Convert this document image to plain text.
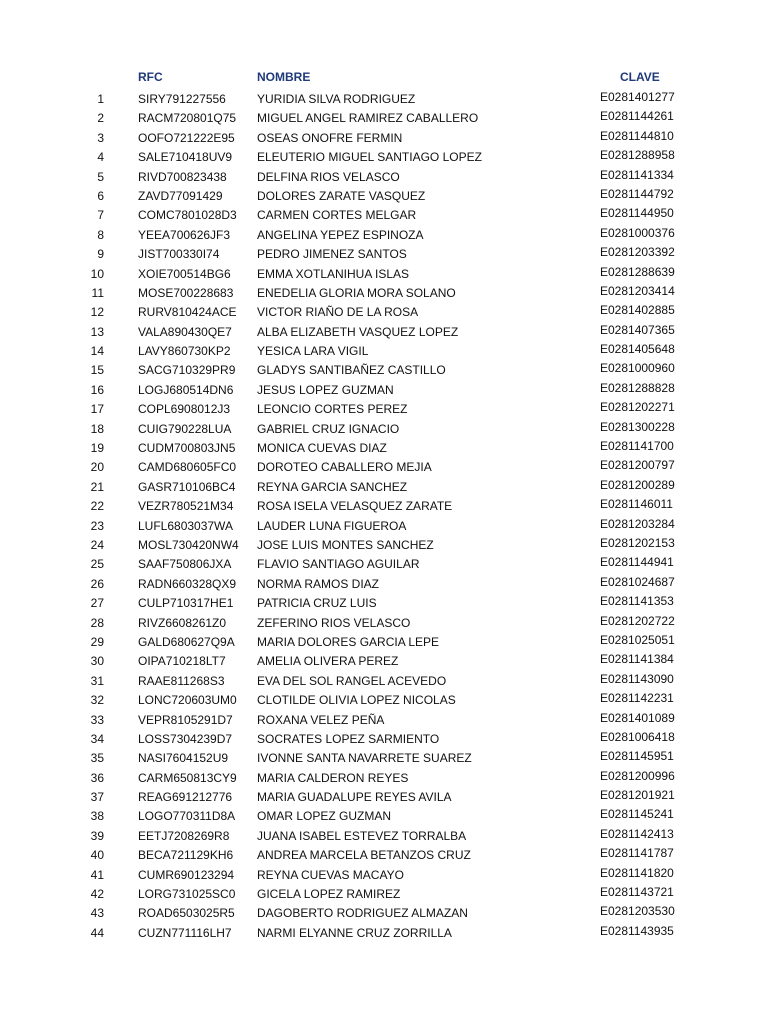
RFC	NOMBRE	CLAVE
1	SIRY791227556	YURIDIA SILVA RODRIGUEZ	E0281401277
2	RACM720801Q75 MIGUEL ANGEL RAMIREZ CABALLERO	E0281144261
3	OOFO721222E95 OSEAS ONOFRE FERMIN	E0281144810
4	SALE710418UV9 ELEUTERIO MIGUEL SANTIAGO LOPEZ	E0281288958
5	RIVD700823438	DELFINA RIOS VELASCO	E0281141334
6	ZAVD77091429	DOLORES ZARATE VASQUEZ	E0281144792
7	COMC7801028D3 CARMEN CORTES MELGAR	E0281144950
8	YEEA700626JF3 ANGELINA YEPEZ ESPINOZA	E0281000376
9	JIST700330I74	PEDRO JIMENEZ SANTOS	E0281203392
10	XOIE700514BG6 EMMA XOTLANIHUA ISLAS	E0281288639
11	MOSE700228683 ENEDELIA GLORIA MORA SOLANO	E0281203414
12	RURV810424ACE VICTOR RIAÑO DE LA ROSA	E0281402885
13	VALA890430QE7 ALBA ELIZABETH VASQUEZ LOPEZ	E0281407365
14	LAVY860730KP2 YESICA LARA VIGIL	E0281405648
15	SACG710329PR9 GLADYS SANTIBAÑEZ CASTILLO	E0281000960
16	LOGJ680514DN6 JESUS LOPEZ GUZMAN	E0281288828
17	COPL6908012J3 LEONCIO CORTES PEREZ	E0281202271
18	CUIG790228LUA GABRIEL CRUZ IGNACIO	E0281300228
19	CUDM700803JN5 MONICA CUEVAS DIAZ	E0281141700
20	CAMD680605FC0 DOROTEO CABALLERO MEJIA	E0281200797
21	GASR710106BC4 REYNA GARCIA SANCHEZ	E0281200289
22	VEZR780521M34 ROSA ISELA VELASQUEZ ZARATE	E0281146011
23	LUFL6803037WA LAUDER LUNA FIGUEROA	E0281203284
24	MOSL730420NW4 JOSE LUIS MONTES SANCHEZ	E0281202153
25	SAAF750806JXA FLAVIO SANTIAGO AGUILAR	E0281144941
26	RADN660328QX9 NORMA RAMOS DIAZ	E0281024687
27	CULP710317HE1 PATRICIA CRUZ LUIS	E0281141353
28	RIVZ6608261Z0	ZEFERINO RIOS VELASCO	E0281202722
29	GALD680627Q9A MARIA DOLORES GARCIA LEPE	E0281025051
30	OIPA710218LT7	AMELIA OLIVERA PEREZ	E0281141384
31	RAAE811268S3	EVA DEL SOL RANGEL ACEVEDO	E0281143090
32	LONC720603UM0 CLOTILDE OLIVIA LOPEZ NICOLAS	E0281142231
33	VEPR8105291D7 ROXANA VELEZ PEÑA	E0281401089
34	LOSS7304239D7 SOCRATES LOPEZ SARMIENTO	E0281006418
35	NASI7604152U9 IVONNE SANTA NAVARRETE SUAREZ	E0281145951
36	CARM650813CY9 MARIA CALDERON REYES	E0281200996
37	REAG691212776 MARIA GUADALUPE REYES AVILA	E0281201921
38	LOGO770311D8A OMAR LOPEZ GUZMAN	E0281145241
39	EETJ7208269R8 JUANA ISABEL ESTEVEZ TORRALBA	E0281142413
40	BECA721129KH6 ANDREA MARCELA BETANZOS CRUZ	E0281141787
41	CUMR690123294 REYNA CUEVAS MACAYO	E0281141820
42	LORG731025SC0 GICELA LOPEZ RAMIREZ	E0281143721
43	ROAD6503025R5 DAGOBERTO RODRIGUEZ ALMAZAN	E0281203530
44	CUZN771116LH7 NARMI ELYANNE CRUZ ZORRILLA	E0281143935
